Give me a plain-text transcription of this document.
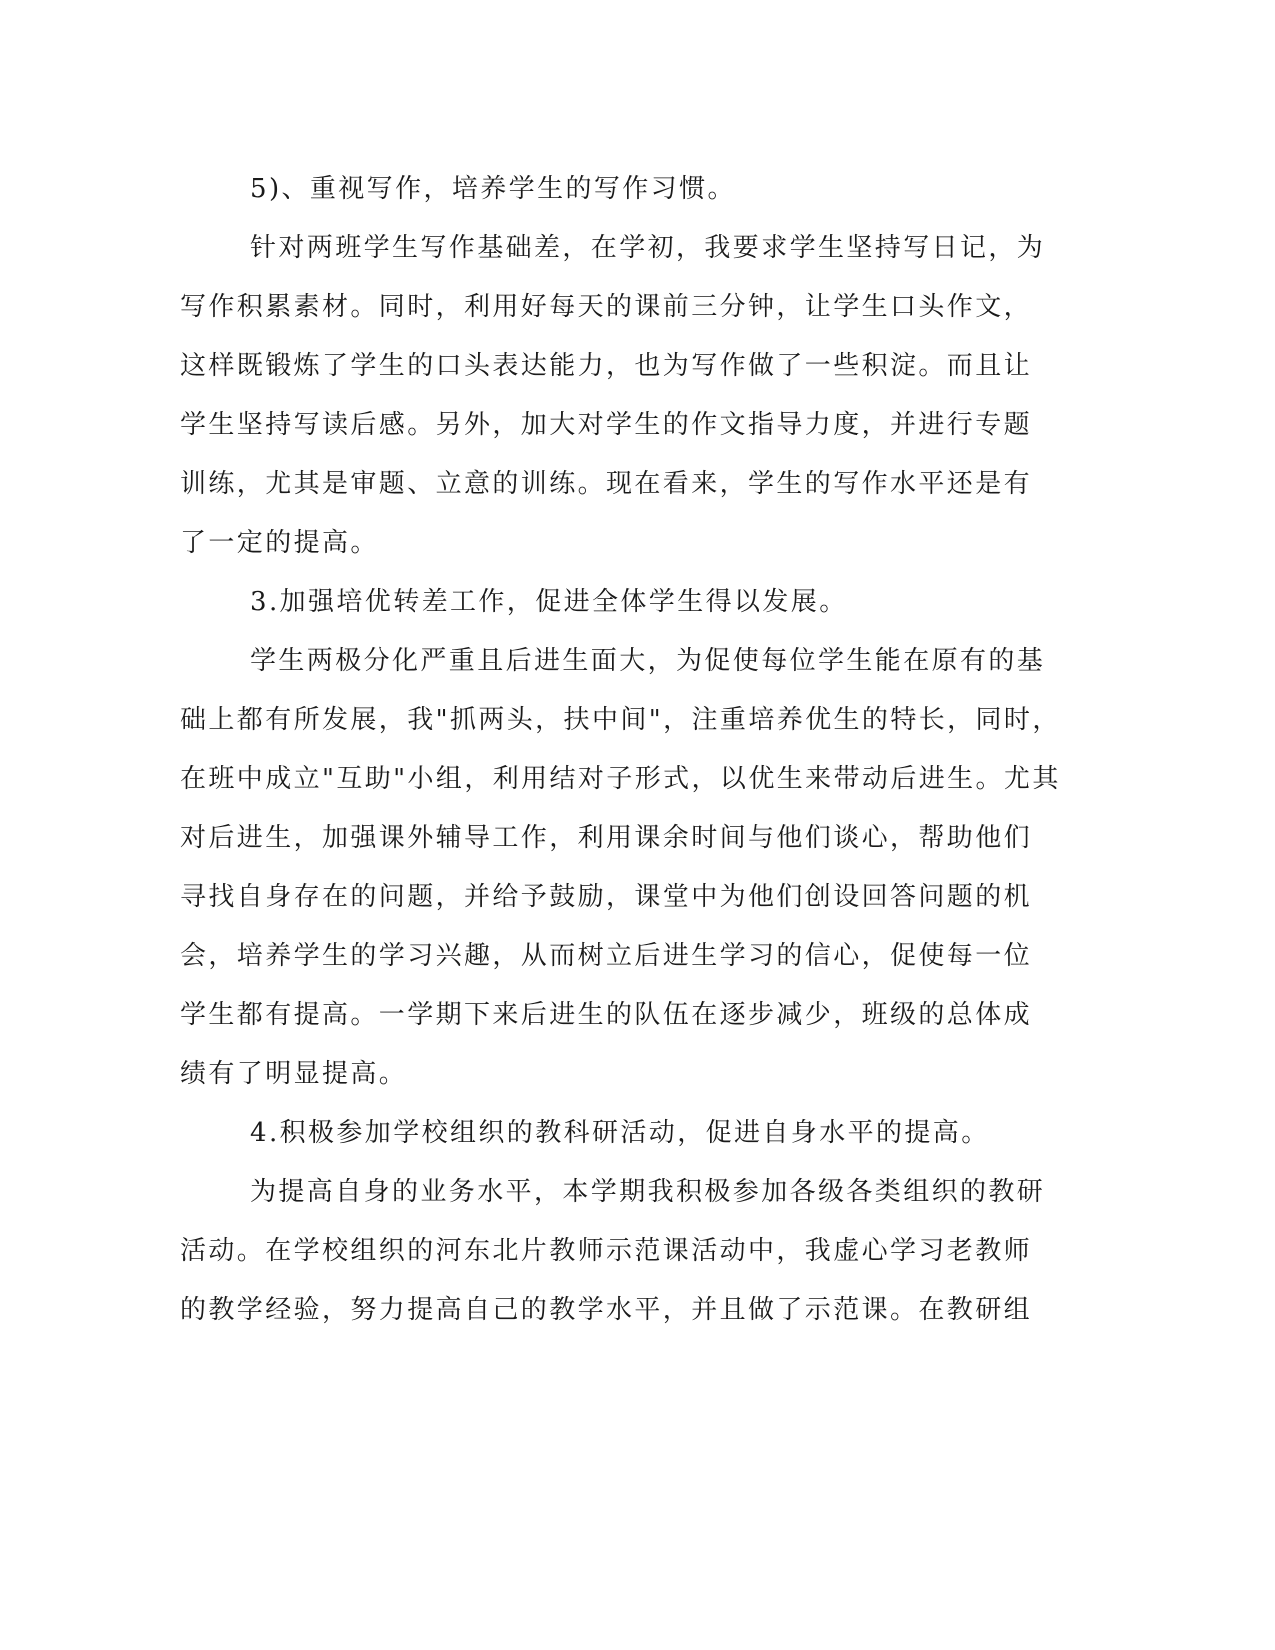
5)、重视写作，培养学生的写作习惯。
针对两班学生写作基础差，在学初，我要求学生坚持写日记，为
写作积累素材。同时，利用好每天的课前三分钟，让学生口头作文，
这样既锻炼了学生的口头表达能力，也为写作做了一些积淀。而且让
学生坚持写读后感。另外，加大对学生的作文指导力度，并进行专题
训练，尤其是审题、立意的训练。现在看来，学生的写作水平还是有
了一定的提高。
3.加强培优转差工作，促进全体学生得以发展。
学生两极分化严重且后进生面大，为促使每位学生能在原有的基
础上都有所发展，我"抓两头，扶中间"，注重培养优生的特长，同时，
在班中成立"互助"小组，利用结对子形式，以优生来带动后进生。尤其
对后进生，加强课外辅导工作，利用课余时间与他们谈心，帮助他们
寻找自身存在的问题，并给予鼓励，课堂中为他们创设回答问题的机
会，培养学生的学习兴趣，从而树立后进生学习的信心，促使每一位
学生都有提高。一学期下来后进生的队伍在逐步减少，班级的总体成
绩有了明显提高。
4.积极参加学校组织的教科研活动，促进自身水平的提高。
为提高自身的业务水平，本学期我积极参加各级各类组织的教研
活动。在学校组织的河东北片教师示范课活动中，我虚心学习老教师
的教学经验，努力提高自己的教学水平，并且做了示范课。在教研组
